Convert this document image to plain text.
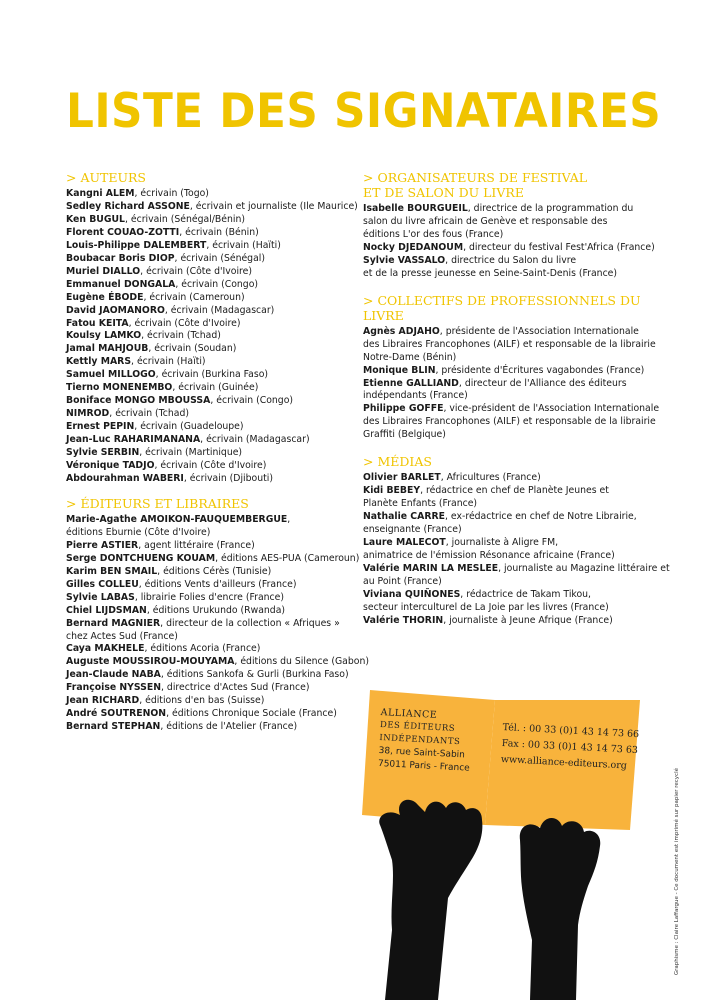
LISTE DES SIGNATAIRES
> AUTEURS
Kangni ALEM, écrivain (Togo)
Sedley Richard ASSONE, écrivain et journaliste (Ile Maurice)
Ken BUGUL, écrivain (Sénégal/Bénin)
Florent COUAO-ZOTTI, écrivain (Bénin)
Louis-Philippe DALEMBERT, écrivain (Haïti)
Boubacar Boris DIOP, écrivain (Sénégal)
Muriel DIALLO, écrivain (Côte d'Ivoire)
Emmanuel DONGALA, écrivain (Congo)
Eugène ÉBODE, écrivain (Cameroun)
David JAOMANORO, écrivain (Madagascar)
Fatou KEITA, écrivain (Côte d'Ivoire)
Koulsy LAMKO, écrivain (Tchad)
Jamal MAHJOUB, écrivain (Soudan)
Kettly MARS, écrivain (Haïti)
Samuel MILLOGO, écrivain (Burkina Faso)
Tierno MONENEMBO, écrivain (Guinée)
Boniface MONGO MBOUSSA, écrivain (Congo)
NIMROD, écrivain (Tchad)
Ernest PEPIN, écrivain (Guadeloupe)
Jean-Luc RAHARIMANANA, écrivain (Madagascar)
Sylvie SERBIN, écrivain (Martinique)
Véronique TADJO, écrivain (Côte d'Ivoire)
Abdourahman WABERI, écrivain (Djibouti)
> ÉDITEURS ET LIBRAIRES
Marie-Agathe AMOIKON-FAUQUEMBERGUE,
éditions Eburnie (Côte d'Ivoire)
Pierre ASTIER, agent littéraire (France)
Serge DONTCHUENG KOUAM, éditions AES-PUA (Cameroun)
Karim BEN SMAIL, éditions Cérès (Tunisie)
Gilles COLLEU, éditions Vents d'ailleurs (France)
Sylvie LABAS, librairie Folies d'encre (France)
Chiel LIJDSMAN, éditions Urukundo (Rwanda)
Bernard MAGNIER, directeur de la collection « Afriques »
chez Actes Sud (France)
Caya MAKHELE, éditions Acoria (France)
Auguste MOUSSIROU-MOUYAMA, éditions du Silence (Gabon)
Jean-Claude NABA, éditions Sankofa & Gurli (Burkina Faso)
Françoise NYSSEN, directrice d'Actes Sud (France)
Jean RICHARD, éditions d'en bas (Suisse)
André SOUTRENON, éditions Chronique Sociale (France)
Bernard STEPHAN, éditions de l'Atelier (France)
> ORGANISATEURS DE FESTIVAL
ET DE SALON DU LIVRE
Isabelle BOURGUEIL, directrice de la programmation du
salon du livre africain de Genève et responsable des
éditions L'or des fous (France)
Nocky DJEDANOUM, directeur du festival Fest'Africa (France)
Sylvie VASSALO, directrice du Salon du livre
et de la presse jeunesse en Seine-Saint-Denis (France)
> COLLECTIFS DE PROFESSIONNELS DU LIVRE
Agnès ADJAHO, présidente de l'Association Internationale
des Libraires Francophones (AILF) et responsable de la librairie
Notre-Dame (Bénin)
Monique BLIN, présidente d'Écritures vagabondes (France)
Etienne GALLIAND, directeur de l'Alliance des éditeurs
indépendants (France)
Philippe GOFFE, vice-président de l'Association Internationale
des Libraires Francophones (AILF) et responsable de la librairie
Graffiti (Belgique)
> MÉDIAS
Olivier BARLET, Africultures (France)
Kidi BEBEY, rédactrice en chef de Planète Jeunes et
Planète Enfants (France)
Nathalie CARRE, ex-rédactrice en chef de Notre Librairie,
enseignante (France)
Laure MALECOT, journaliste à Aligre FM,
animatrice de l'émission Résonance africaine (France)
Valérie MARIN LA MESLEE, journaliste au Magazine littéraire et
au Point (France)
Viviana QUIÑONES, rédactrice de Takam Tikou,
secteur interculturel de La Joie par les livres (France)
Valérie THORIN, journaliste à Jeune Afrique (France)
ALLIANCE
DES ÉDITEURS
INDÉPENDANTS
38, rue Saint-Sabin
75011 Paris - France
Tél. : 00 33 (0)1 43 14 73 66
Fax : 00 33 (0)1 43 14 73 63
www.alliance-editeurs.org
Graphisme : Claire Laffargue - Ce document est imprimé sur papier recyclé
